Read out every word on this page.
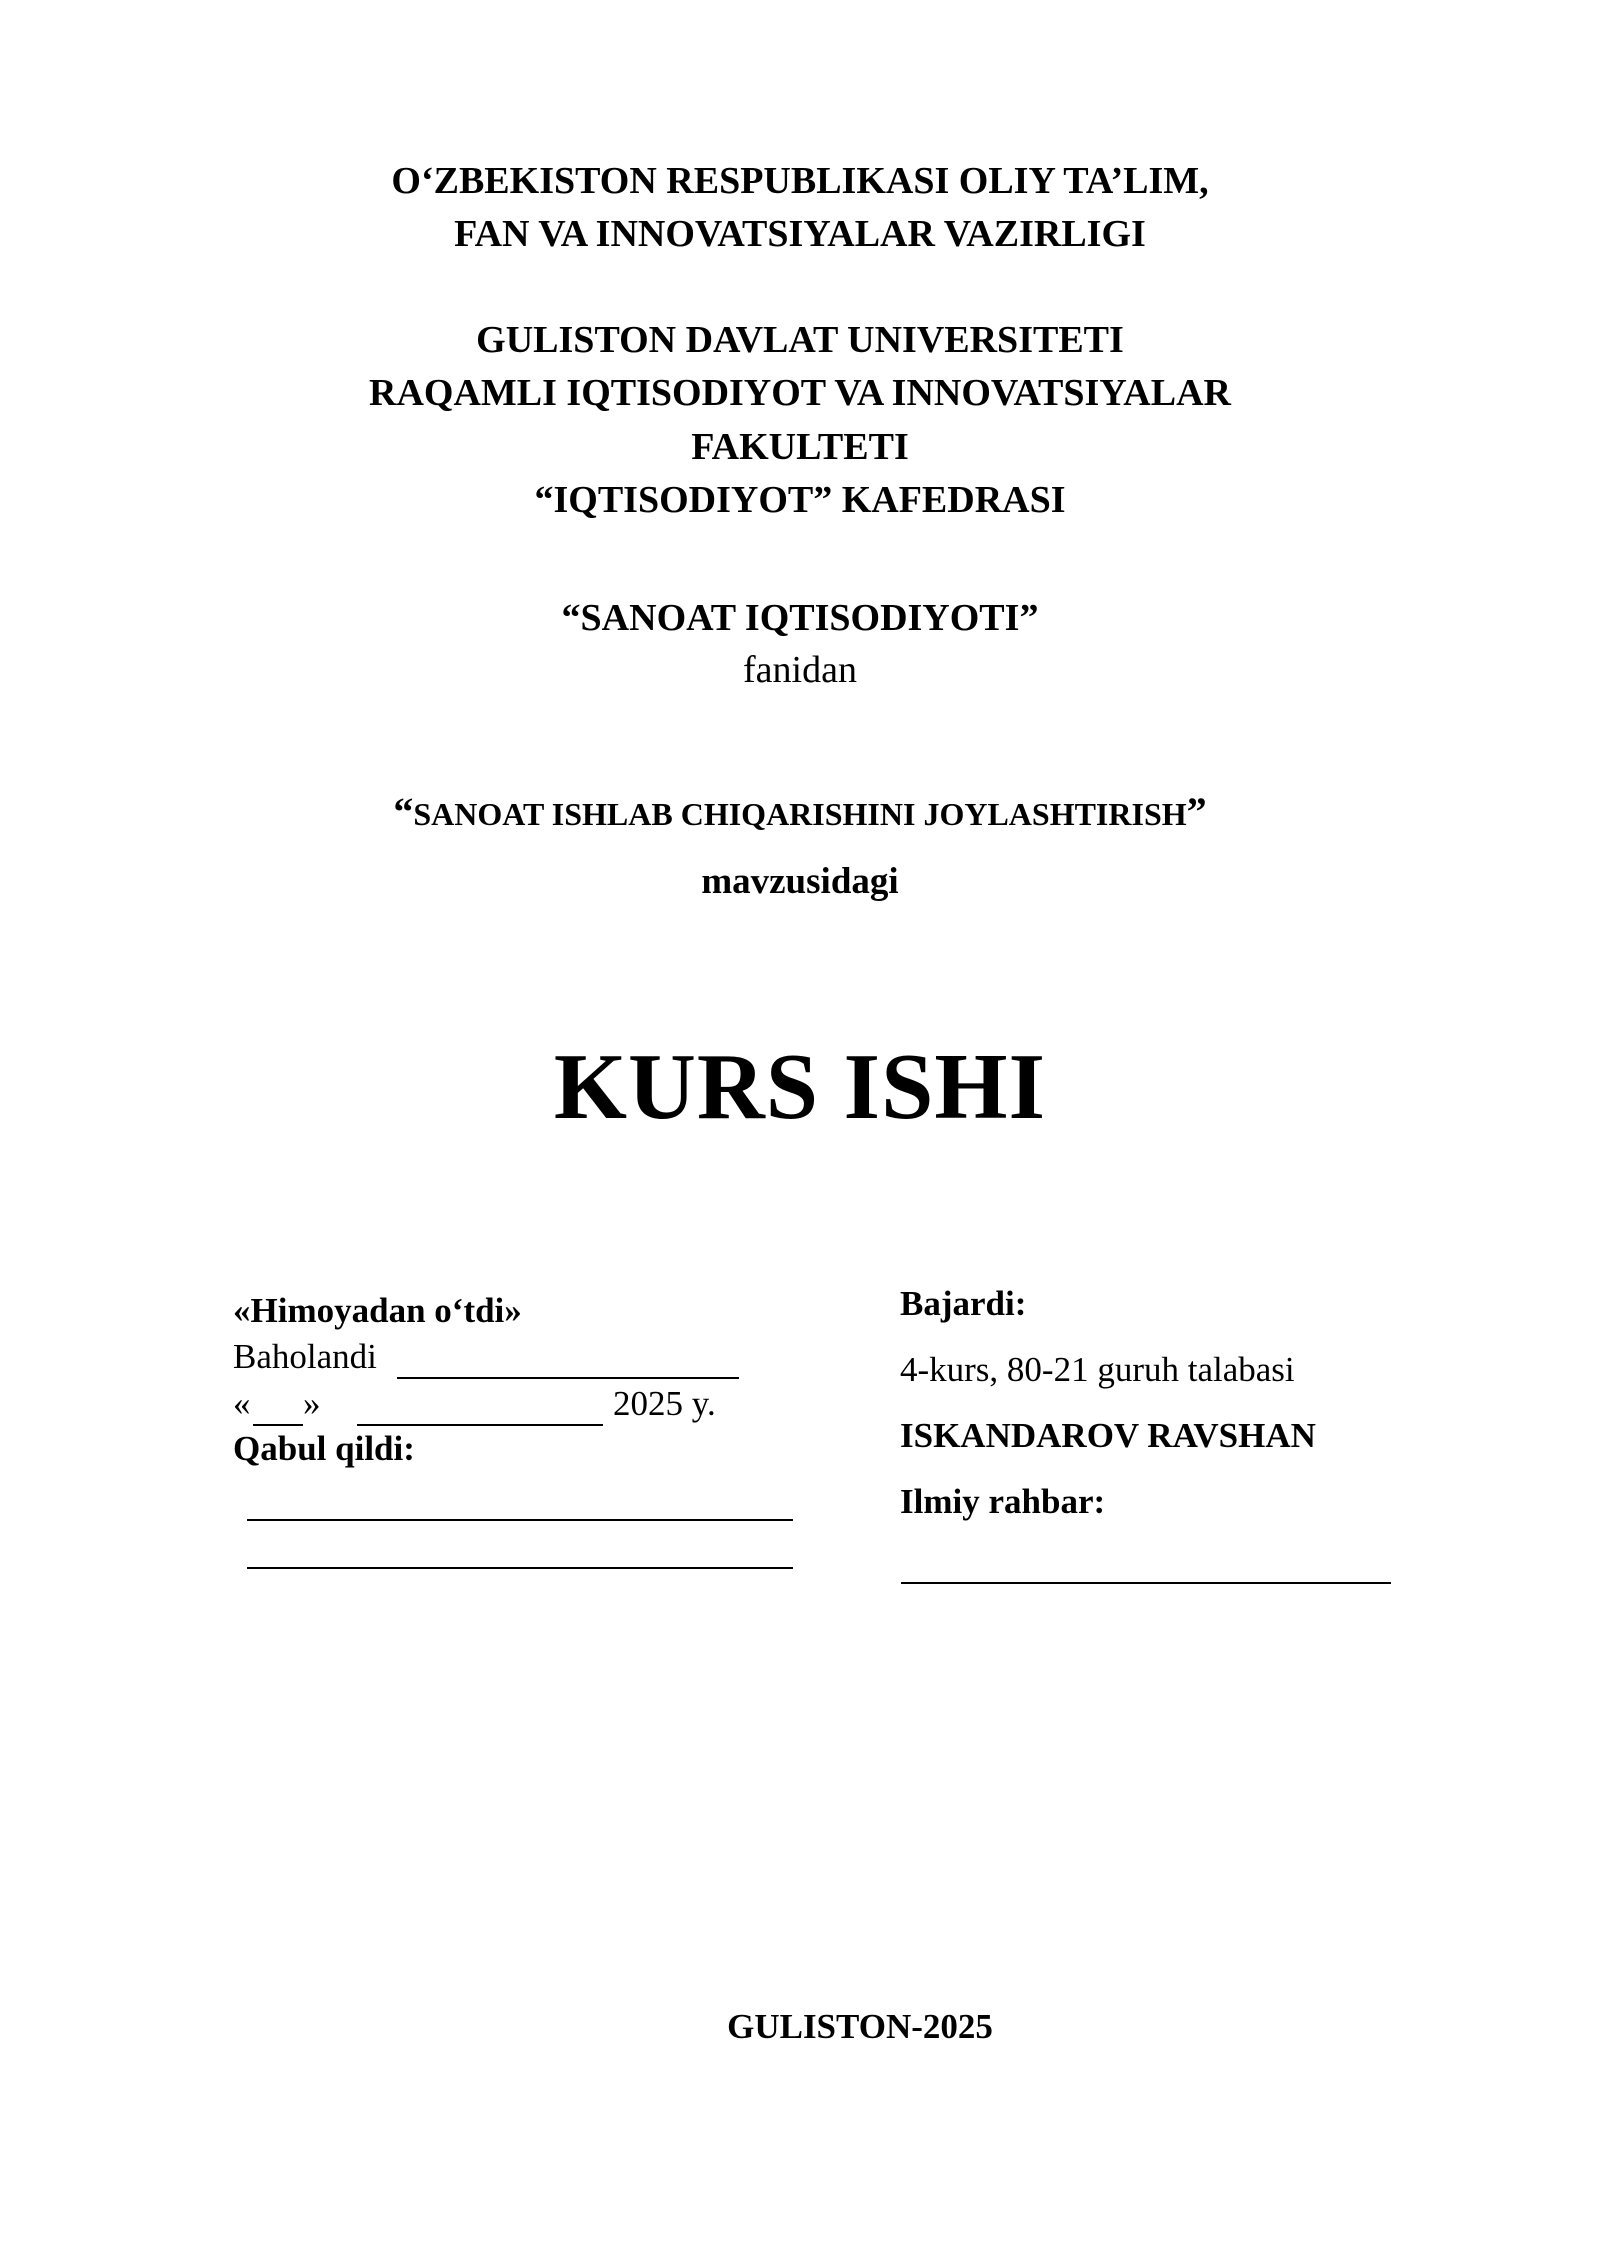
O‘ZBEKISTON RESPUBLIKASI OLIY TA’LIM,
FAN VA INNOVATSIYALAR VAZIRLIGI
GULISTON DAVLAT UNIVERSITETI
RAQAMLI IQTISODIYOT VA INNOVATSIYALAR
FAKULTETI
“IQTISODIYOT” KAFEDRASI
“SANOAT IQTISODIYOTI”
fanidan
“SANOAT ISHLAB CHIQARISHINI JOYLASHTIRISH”
mavzusidagi
KURS ISHI
«Himoyadan o‘tdi»
Baholandi
« »	2025 y.
Qabul qildi:
Bajardi:
4-kurs, 80-21 guruh talabasi
ISKANDAROV RAVSHAN
Ilmiy rahbar:
GULISTON-2025
